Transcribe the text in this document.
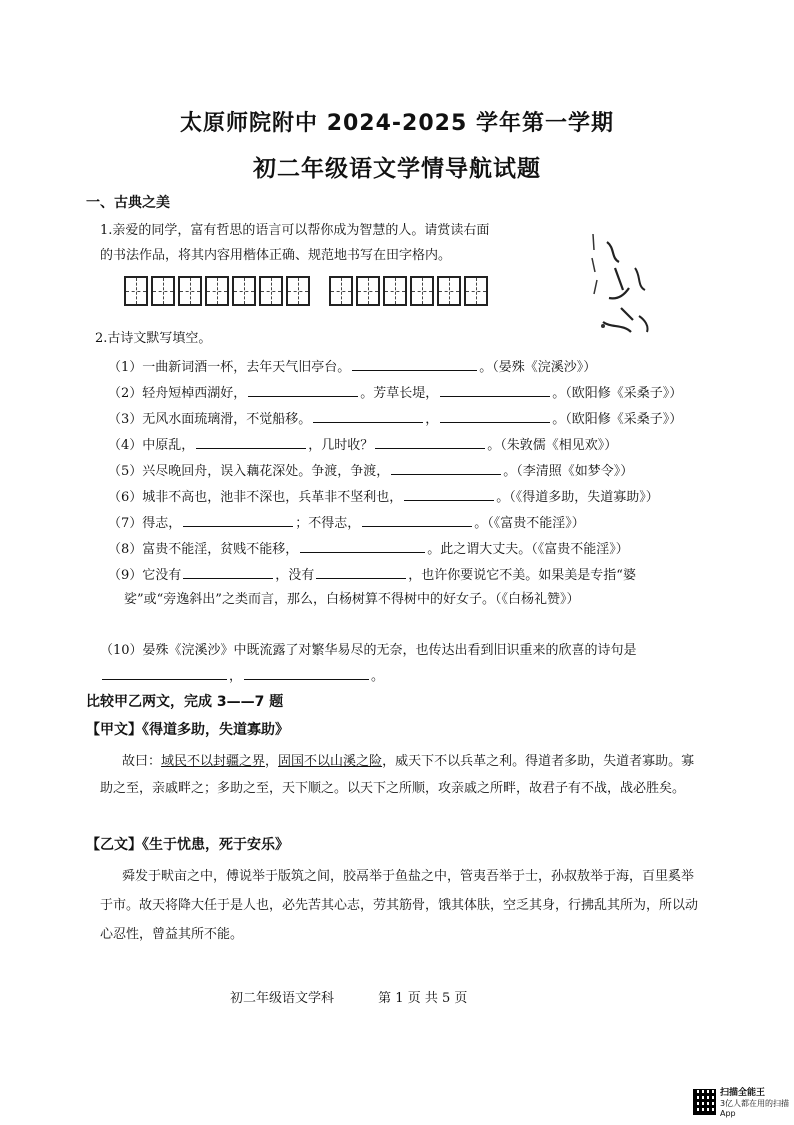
太原师院附中 2024-2025 学年第一学期
初二年级语文学情导航试题
一、古典之美
1.亲爱的同学，富有哲思的语言可以帮你成为智慧的人。请赏读右面
的书法作品，将其内容用楷体正确、规范地书写在田字格内。
2.古诗文默写填空。
（1）一曲新词酒一杯，去年天气旧亭台。	。（晏殊《浣溪沙》）
（2）轻舟短棹西湖好，	。芳草长堤，	。（欧阳修《采桑子》）
（3）无风水面琉璃滑，不觉船移。	，	。（欧阳修《采桑子》）
（4）中原乱，	，几时收？	。（朱敦儒《相见欢》）
（5）兴尽晚回舟，误入藕花深处。争渡，争渡，	。（李清照《如梦令》）
（6）城非不高也，池非不深也，兵革非不坚利也，	。（《得道多助，失道寡助》）
（7）得志，	；不得志，	。（《富贵不能淫》）
（8）富贵不能淫，贫贱不能移，	。此之谓大丈夫。（《富贵不能淫》）
（9）它没有	，没有	，也许你要说它不美。如果美是专指“婆
娑”或“旁逸斜出”之类而言，那么，白杨树算不得树中的好女子。（《白杨礼赞》）
（10）晏殊《浣溪沙》中既流露了对繁华易尽的无奈，也传达出看到旧识重来的欣喜的诗句是
，	。
比较甲乙两文，完成 3——7 题
【甲文】《得道多助，失道寡助》
故曰：域民不以封疆之界，固国不以山溪之险，威天下不以兵革之利。得道者多助，失道者寡助。寡助之至，亲戚畔之；多助之至，天下顺之。以天下之所顺，攻亲戚之所畔，故君子有不战，战必胜矣。
【乙文】《生于忧患，死于安乐》
舜发于畎亩之中，傅说举于版筑之间，胶鬲举于鱼盐之中，管夷吾举于士，孙叔敖举于海，百里奚举于市。故天将降大任于是人也，必先苦其心志，劳其筋骨，饿其体肤，空乏其身，行拂乱其所为，所以动心忍性，曾益其所不能。
初二年级语文学科	第 1 页 共 5 页
扫描全能王
3亿人都在用的扫描App
